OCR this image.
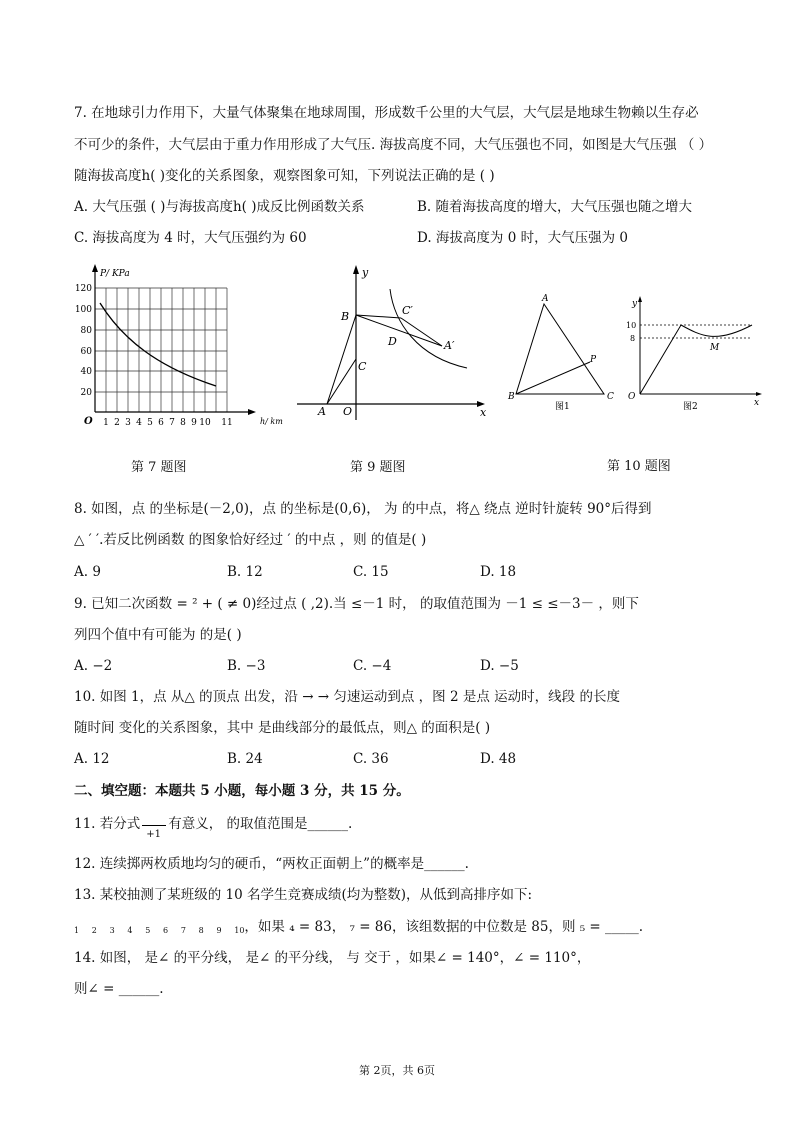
7. 在地球引力作用下，大量气体聚集在地球周围，形成数千公里的大气层，大气层是地球生物赖以生存必
不可少的条件，大气层由于重力作用形成了大气压. 海拔高度不同，大气压强也不同，如图是大气压强 （ ）
随海拔高度h( )变化的关系图象，观察图象可知，下列说法正确的是 ( )
A. 大气压强 ( )与海拔高度h( )成反比例函数关系	B. 随着海拔高度的增大，大气压强也随之增大
C. 海拔高度为 4 时，大气压强约为 60	D. 海拔高度为 0 时，大气压强为 0
P/ KPa
h/ km
O
120
100
80
60
40
20
1 2 3 4 5 6 7 8 9 10 11
第 7 题图
y
x
B
C
A O
D
C′
A′
第 9 题图
A
B	C
P
图1
y
x
O
10
8
M
图2
第 10 题图
8. 如图，点 的坐标是(－2,0)，点 的坐标是(0,6)， 为 的中点，将△ 绕点 逆时针旋转 90°后得到
△ ′ ′.若反比例函数 的图象恰好经过 ′ 的中点 ，则 的值是( )
A. 9	B. 12	C. 15	D. 18
9. 已知二次函数 = ² + ( ≠ 0)经过点 ( ,2).当 ≤－1 时， 的取值范围为 －1 ≤ ≤－3－ ，则下
列四个值中有可能为 的是( )
A. −2	B. −3	C. −4	D. −5
10. 如图 1，点 从△ 的顶点 出发，沿 → → 匀速运动到点 ，图 2 是点 运动时，线段 的长度
随时间 变化的关系图象，其中 是曲线部分的最低点，则△ 的面积是( )
A. 12	B. 24	C. 36	D. 48
二、填空题：本题共 5 小题，每小题 3 分，共 15 分。
11. 若分式
+1
有意义， 的取值范围是______.
12. 连续掷两枚质地均匀的硬币，“两枚正面朝上”的概率是______.
13. 某校抽测了某班级的 10 名学生竞赛成绩(均为整数)，从低到高排序如下:
1     2     3     4     5     6     7     8     9     10，如果 ₄ = 83， ₇ = 86，该组数据的中位数是 85，则 ₅ = _____.
14. 如图， 是∠ 的平分线， 是∠ 的平分线， 与 交于 ，如果∠ = 140°，∠ = 110°，
则∠ = ______.
第 2页，共 6页
